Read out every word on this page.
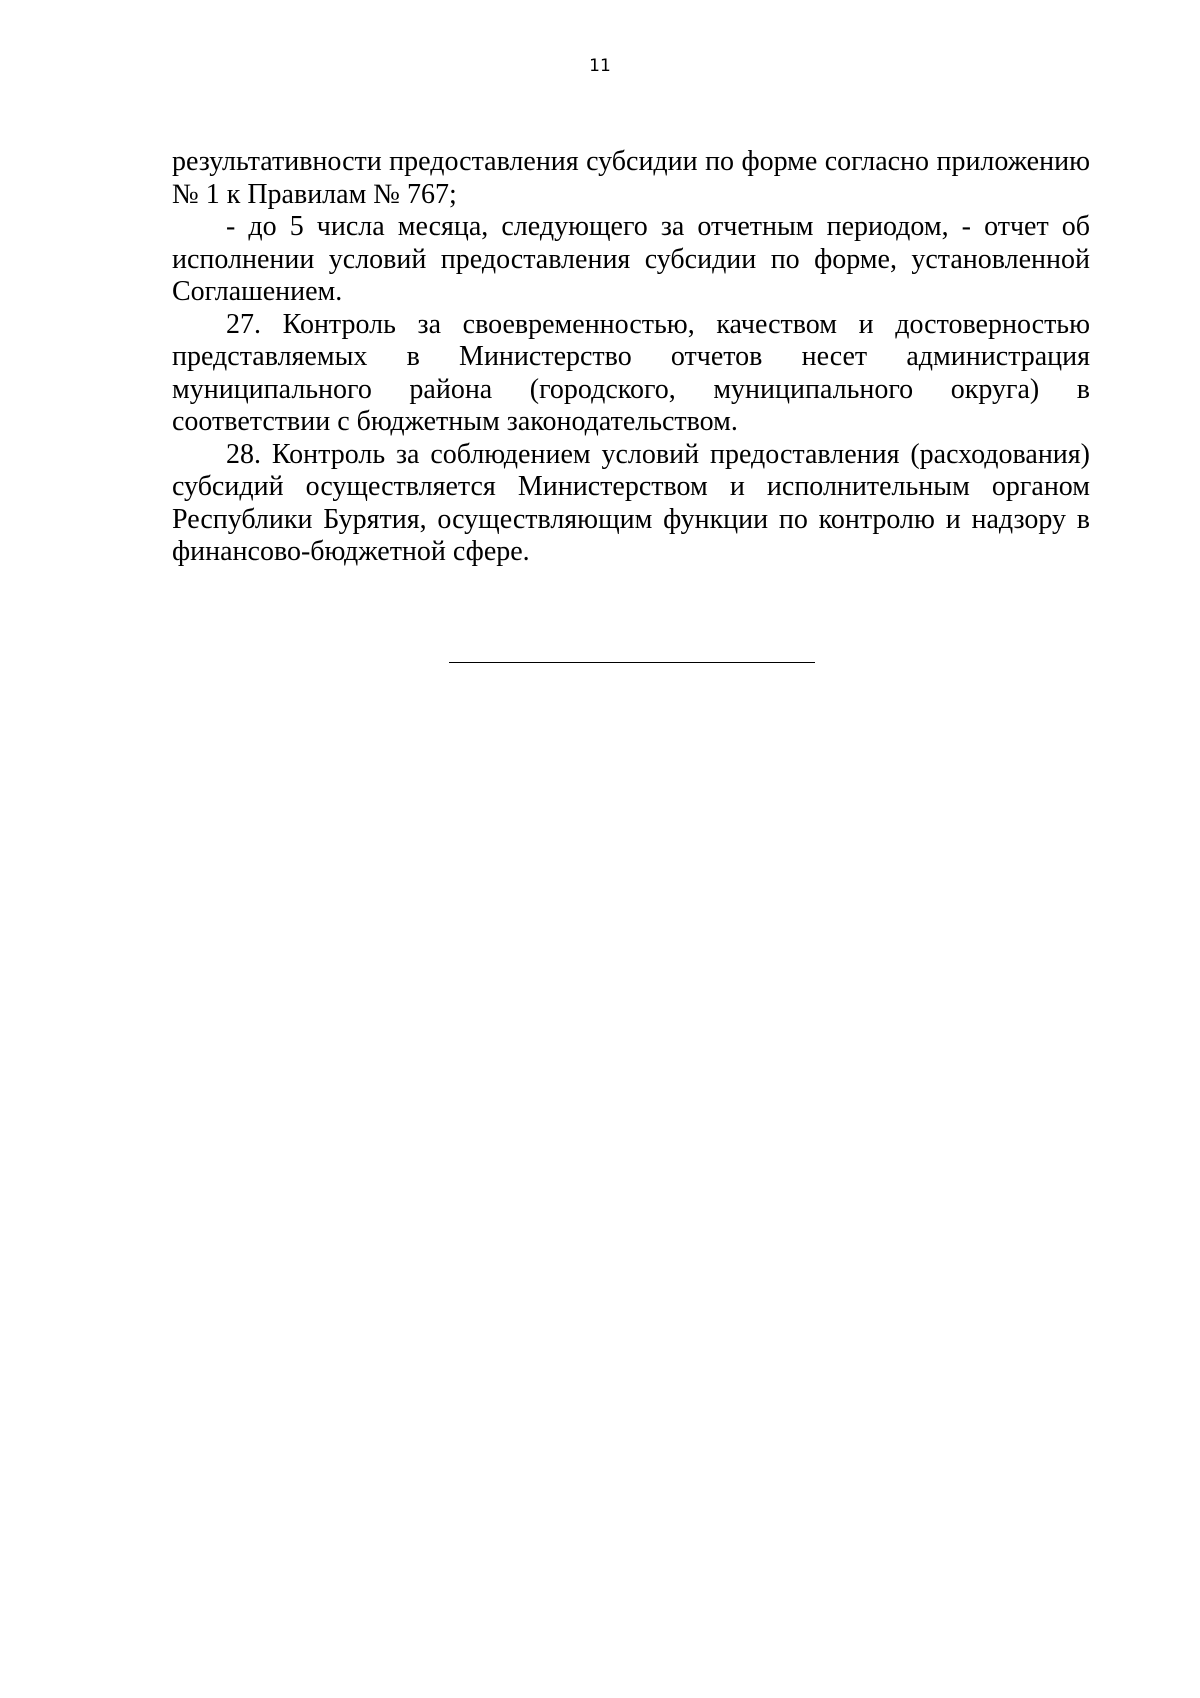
11

результативности предоставления субсидии по форме согласно приложению № 1 к Правилам № 767;

- до 5 числа месяца, следующего за отчетным периодом, - отчет об исполнении условий предоставления субсидии по форме, установленной Соглашением.

27. Контроль за своевременностью, качеством и достоверностью представляемых в Министерство отчетов несет администрация муниципального района (городского, муниципального округа) в соответствии с бюджетным законодательством.

28. Контроль за соблюдением условий предоставления (расходования) субсидий осуществляется Министерством и исполнительным органом Республики Бурятия, осуществляющим функции по контролю и надзору в финансово-бюджетной сфере.
